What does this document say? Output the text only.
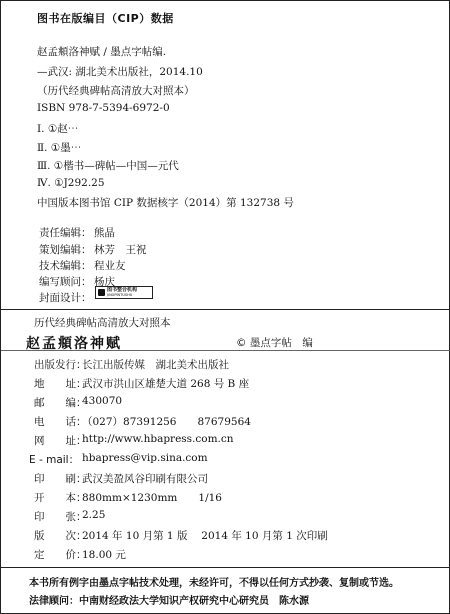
图书在版编目（CIP）数据
赵孟頫洛神赋 / 墨点字帖编.
—武汉: 湖北美术出版社，2014.10
（历代经典碑帖高清放大对照本）
ISBN 978-7-5394-6972-0
Ⅰ. ①赵⋯
Ⅱ. ①墨⋯
Ⅲ. ①楷书—碑帖—中国—元代
Ⅳ. ①J292.25
中国版本图书馆 CIP 数据核字（2014）第 132738 号
责任编辑： 熊晶
策划编辑： 林芳　王祝
技术编辑： 程业友
编写顾问： 杨庆
封面设计：
图书整合机构
JINGPINTUSHU
历代经典碑帖高清放大对照本
赵孟頫洛神赋	© 墨点字帖　编
出版发行：
长江出版传媒　湖北美术出版社
地　　址：
武汉市洪山区雄楚大道 268 号 B 座
邮　　编：
430070
电　　话：
（027）87391256　　87679564
网　　址：
http://www.hbapress.com.cn
E - mail： hbapress@vip.sina.com
印　　刷：
武汉美盈风谷印刷有限公司
开　　本：
880mm×1230mm　　1/16
印　　张：
2.25
版　　次：
2014 年 10 月第 1 版　 2014 年 10 月第 1 次印刷
定　　价：
18.00 元
本书所有例字由墨点字帖技术处理，未经许可，不得以任何方式抄袭、复制或节选。
法律顾问：中南财经政法大学知识产权研究中心研究员　陈水源
